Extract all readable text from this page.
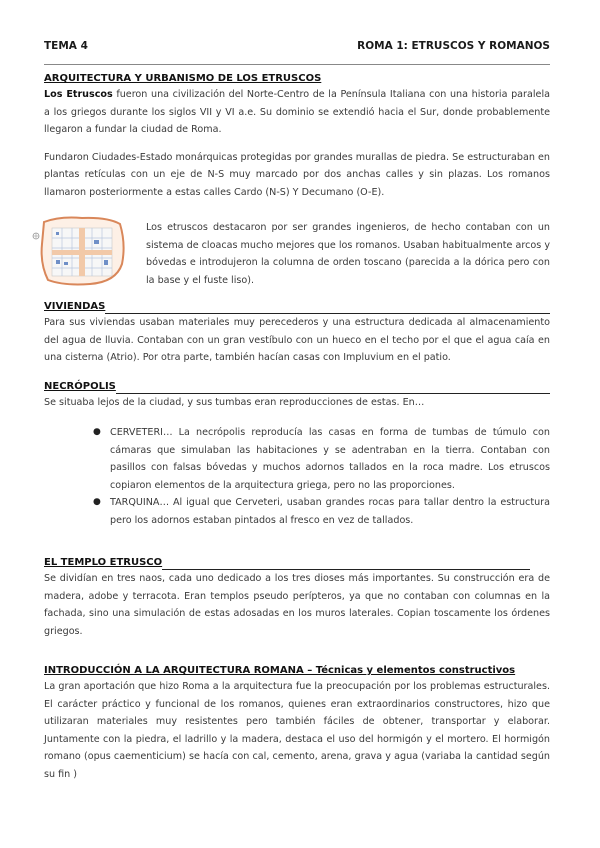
TEMA 4	ROMA 1: ETRUSCOS Y ROMANOS
ARQUITECTURA Y URBANISMO DE LOS ETRUSCOS

Los Etruscos fueron una civilización del Norte-Centro de la Península Italiana con una historia paralela a los griegos durante los siglos VII y VI a.e. Su dominio se extendió hacia el Sur, donde probablemente llegaron a fundar la ciudad de Roma.

Fundaron Ciudades-Estado monárquicas protegidas por grandes murallas de piedra. Se estructuraban en plantas retículas con un eje de N-S muy marcado por dos anchas calles y sin plazas. Los romanos llamaron posteriormente a estas calles Cardo (N-S) Y Decumano (O-E).

Los etruscos destacaron por ser grandes ingenieros, de hecho contaban con un sistema de cloacas mucho mejores que los romanos. Usaban habitualmente arcos y bóvedas e introdujeron la columna de orden toscano (parecida a la dórica pero con la base y el fuste liso).

VIVIENDAS

Para sus viviendas usaban materiales muy perecederos y una estructura dedicada al almacenamiento del agua de lluvia. Contaban con un gran vestíbulo con un hueco en el techo por el que el agua caía en una cisterna (Atrio). Por otra parte, también hacían casas con Impluvium en el patio.

NECRÓPOLIS

Se situaba lejos de la ciudad, y sus tumbas eran reproducciones de estas. En…

● CERVETERI… La necrópolis reproducía las casas en forma de tumbas de túmulo con cámaras que simulaban las habitaciones y se adentraban en la tierra. Contaban con pasillos con falsas bóvedas y muchos adornos tallados en la roca madre. Los etruscos copiaron elementos de la arquitectura griega, pero no las proporciones.
● TARQUINA… Al igual que Cerveteri, usaban grandes rocas para tallar dentro la estructura pero los adornos estaban pintados al fresco en vez de tallados.
EL TEMPLO ETRUSCO

Se dividían en tres naos, cada uno dedicado a los tres dioses más importantes. Su construcción era de madera, adobe y terracota. Eran templos pseudo perípteros, ya que no contaban con columnas en la fachada, sino una simulación de estas adosadas en los muros laterales. Copian toscamente los órdenes griegos.

INTRODUCCIÓN A LA ARQUITECTURA ROMANA – Técnicas y elementos constructivos

La gran aportación que hizo Roma a la arquitectura fue la preocupación por los problemas estructurales. El carácter práctico y funcional de los romanos, quienes eran extraordinarios constructores, hizo que utilizaran materiales muy resistentes pero también fáciles de obtener, transportar y elaborar. Juntamente con la piedra, el ladrillo y la madera, destaca el uso del hormigón y el mortero. El hormigón romano (opus caementicium) se hacía con cal, cemento, arena, grava y agua (variaba la cantidad según su fin )
